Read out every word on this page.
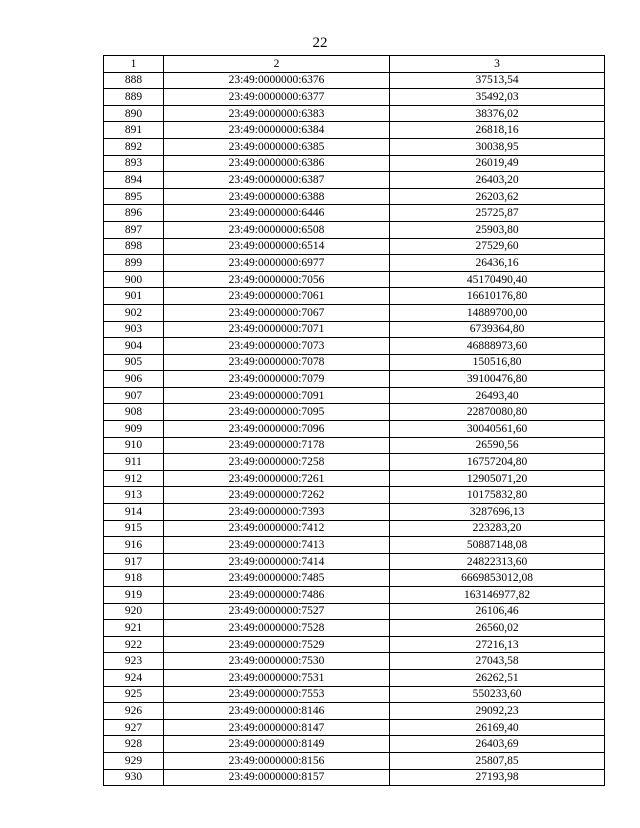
22
1	2	3
888	23:49:0000000:6376	37513,54
889	23:49:0000000:6377	35492,03
890	23:49:0000000:6383	38376,02
891	23:49:0000000:6384	26818,16
892	23:49:0000000:6385	30038,95
893	23:49:0000000:6386	26019,49
894	23:49:0000000:6387	26403,20
895	23:49:0000000:6388	26203,62
896	23:49:0000000:6446	25725,87
897	23:49:0000000:6508	25903,80
898	23:49:0000000:6514	27529,60
899	23:49:0000000:6977	26436,16
900	23:49:0000000:7056	45170490,40
901	23:49:0000000:7061	16610176,80
902	23:49:0000000:7067	14889700,00
903	23:49:0000000:7071	6739364,80
904	23:49:0000000:7073	46888973,60
905	23:49:0000000:7078	150516,80
906	23:49:0000000:7079	39100476,80
907	23:49:0000000:7091	26493,40
908	23:49:0000000:7095	22870080,80
909	23:49:0000000:7096	30040561,60
910	23:49:0000000:7178	26590,56
911	23:49:0000000:7258	16757204,80
912	23:49:0000000:7261	12905071,20
913	23:49:0000000:7262	10175832,80
914	23:49:0000000:7393	3287696,13
915	23:49:0000000:7412	223283,20
916	23:49:0000000:7413	50887148,08
917	23:49:0000000:7414	24822313,60
918	23:49:0000000:7485	6669853012,08
919	23:49:0000000:7486	163146977,82
920	23:49:0000000:7527	26106,46
921	23:49:0000000:7528	26560,02
922	23:49:0000000:7529	27216,13
923	23:49:0000000:7530	27043,58
924	23:49:0000000:7531	26262,51
925	23:49:0000000:7553	550233,60
926	23:49:0000000:8146	29092,23
927	23:49:0000000:8147	26169,40
928	23:49:0000000:8149	26403,69
929	23:49:0000000:8156	25807,85
930	23:49:0000000:8157	27193,98
